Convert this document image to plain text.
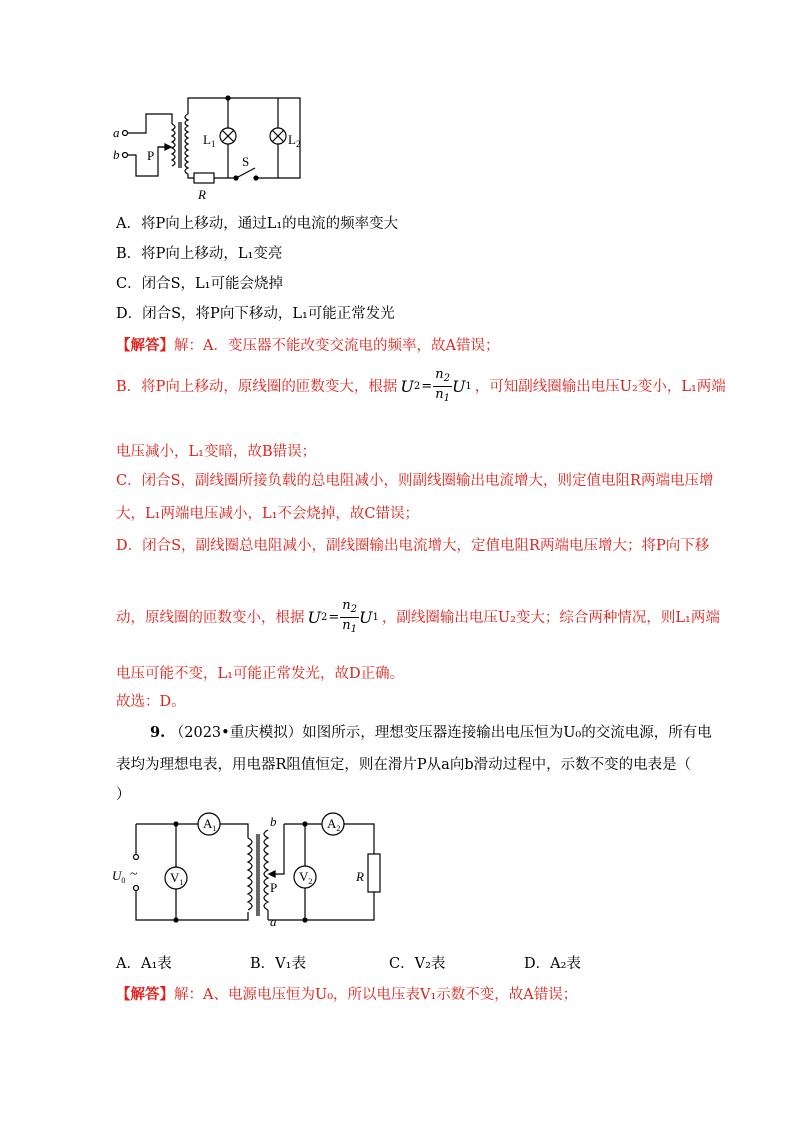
a
b P
$L_1$	$L_2$
S
R
A．将P向上移动，通过L₁的电流的频率变大
B．将P向上移动，L₁变亮
C．闭合S，L₁可能会烧掉
D．闭合S，将P向下移动，L₁可能正常发光
【解答】解：A．变压器不能改变交流电的频率，故A错误；
B．将P向上移动，原线圈的匝数变大，根据 U $2 = \frac{n_2}{n_1}$ U 1 ，可知副线圈输出电压U₂变小，L₁两端
电压减小，L₁变暗，故B错误；
C．闭合S，副线圈所接负载的总电阻减小，则副线圈输出电流增大，则定值电阻R两端电压增
大，L₁两端电压减小，L₁不会烧掉，故C错误；
D．闭合S，副线圈总电阻减小，副线圈输出电流增大，定值电阻R两端电压增大；将P向下移
动，原线圈的匝数变小，根据 U $2 = \frac{n_2}{n_1}$ U 1 ，副线圈输出电压U₂变大；综合两种情况，则L₁两端
电压可能不变，L₁可能正常发光，故D正确。
故选：D。
9. （2023•重庆模拟）如图所示，理想变压器连接输出电压恒为U₀的交流电源，所有电
表均为理想电表，用电器R阻值恒定，则在滑片P从a向b滑动过程中，示数不变的电表是（
）
$A_1$	$A_2$
$V_1$	$V_2$
$U_0$ ~
b
a
P
R
A．A₁表	B．V₁表	C．V₂表	D．A₂表
【解答】解：A、电源电压恒为U₀，所以电压表V₁示数不变，故A错误；
